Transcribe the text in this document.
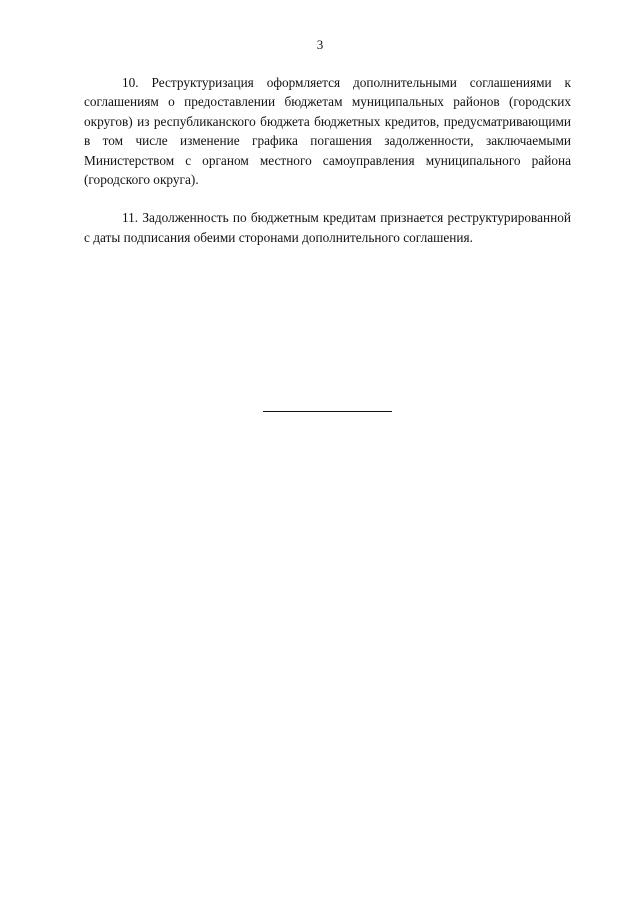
3

10. Реструктуризация оформляется дополнительными соглашениями к соглашениям о предоставлении бюджетам муниципальных районов (городских округов) из республиканского бюджета бюджетных кредитов, предусматривающими в том числе изменение графика погашения задолженности, заключаемыми Министерством с органом местного самоуправления муниципального района (городского округа).

11. Задолженность по бюджетным кредитам признается реструктурированной с даты подписания обеими сторонами дополнительного соглашения.
